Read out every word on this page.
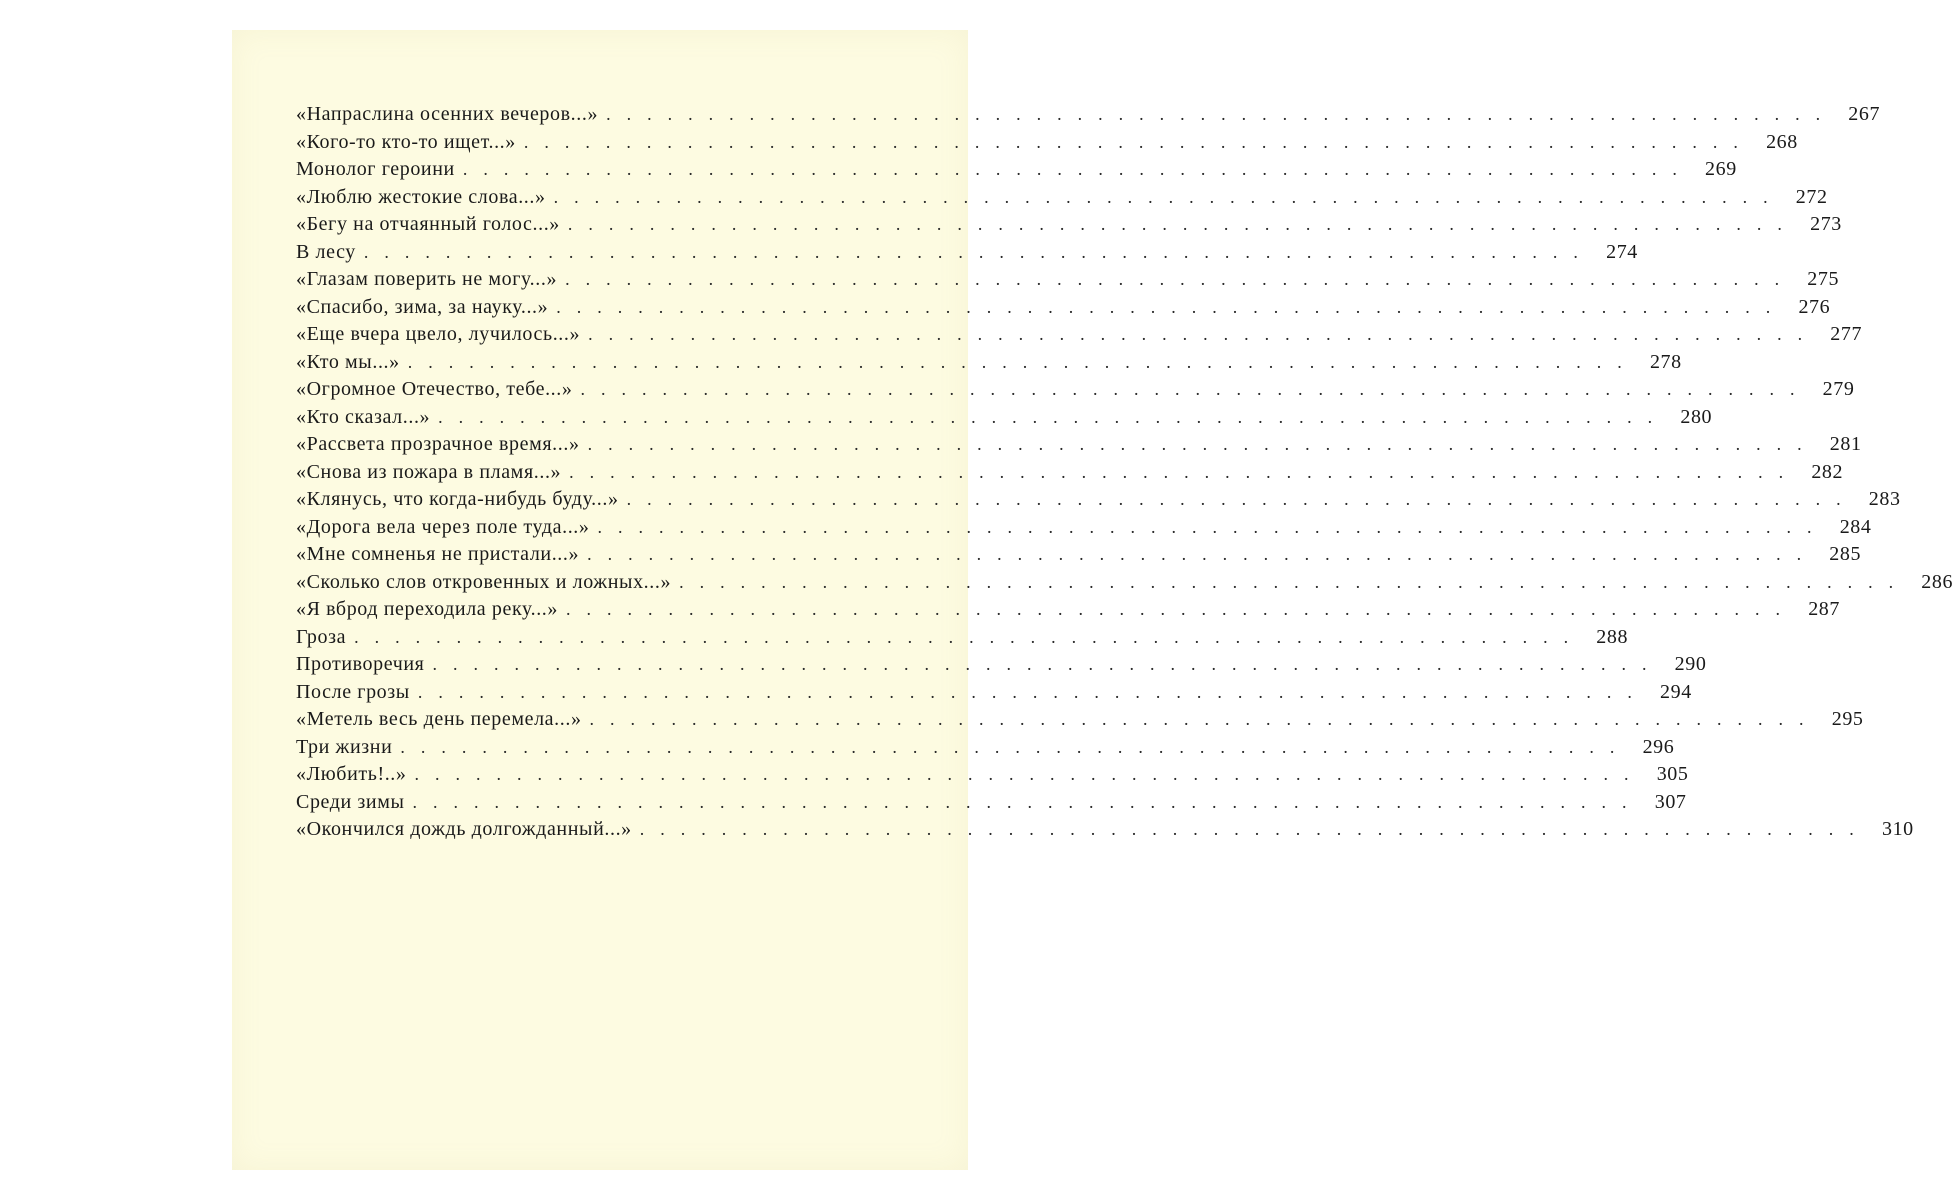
«Напраслина осенних вечеров...» ............................................................ 267
«Кого-то кто-то ищет...» ............................................................ 268
Монолог героини ............................................................ 269
«Люблю жестокие слова...» ............................................................ 272
«Бегу на отчаянный голос...» ............................................................ 273
В лесу ............................................................ 274
«Глазам поверить не могу...» ............................................................ 275
«Спасибо, зима, за науку...» ............................................................ 276
«Еще вчера цвело, лучилось...» ............................................................ 277
«Кто мы...» ............................................................ 278
«Огромное Отечество, тебе...» ............................................................ 279
«Кто сказал...» ............................................................ 280
«Рассвета прозрачное время...» ............................................................ 281
«Снова из пожара в пламя...» ............................................................ 282
«Клянусь, что когда-нибудь буду...» ............................................................ 283
«Дорога вела через поле туда...» ............................................................ 284
«Мне сомненья не пристали...» ............................................................ 285
«Сколько слов откровенных и ложных...» ............................................................ 286
«Я вброд переходила реку...» ............................................................ 287
Гроза ............................................................ 288
Противоречия ............................................................ 290
После грозы ............................................................ 294
«Метель весь день перемела...» ............................................................ 295
Три жизни ............................................................ 296
«Любить!..» ............................................................ 305
Среди зимы ............................................................ 307
«Окончился дождь долгожданный...» ............................................................ 310
